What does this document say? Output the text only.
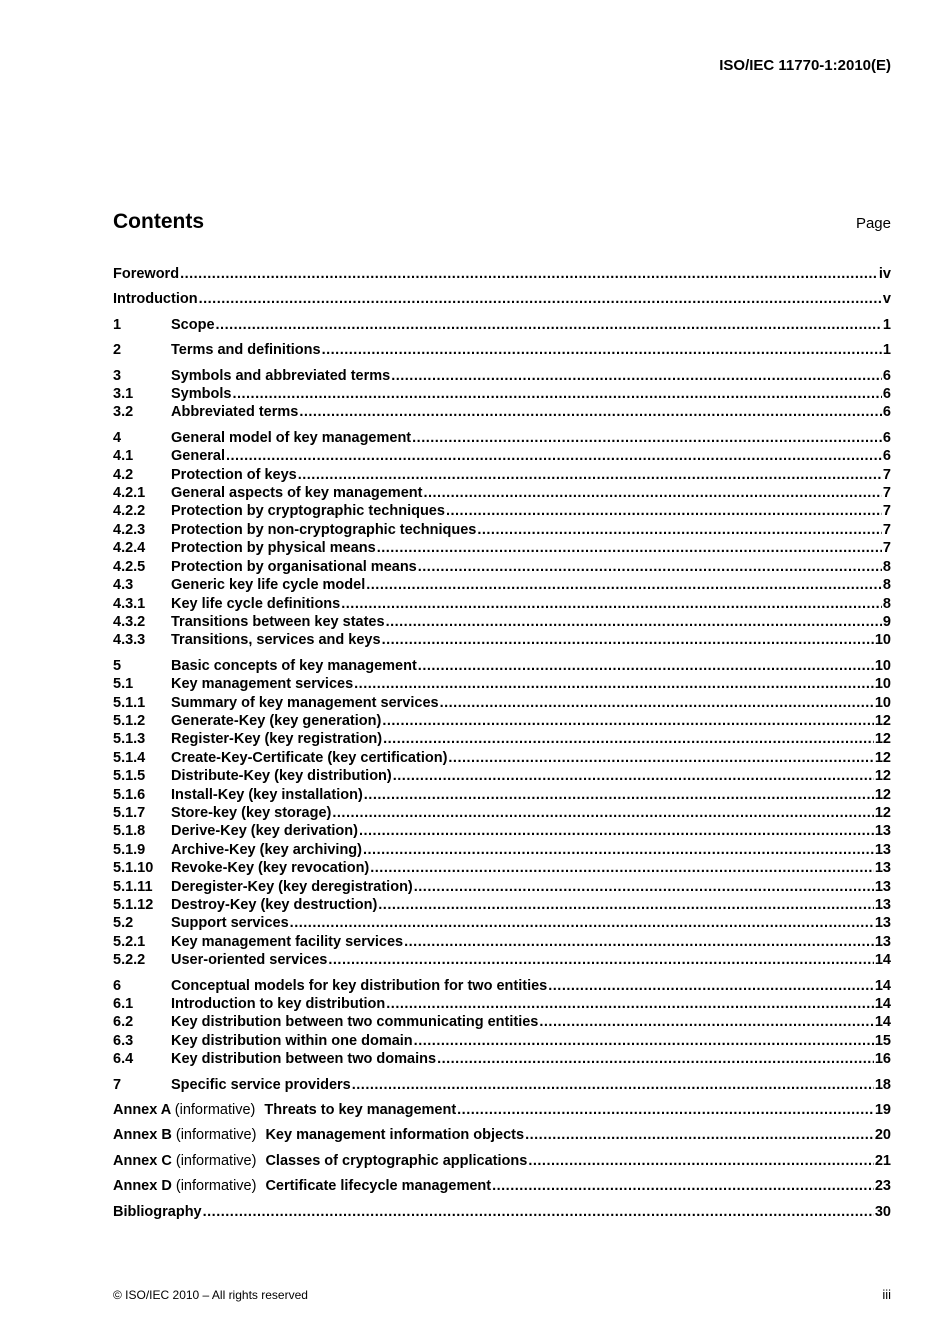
ISO/IEC 11770-1:2010(E)
Contents	Page
Foreword .....	iv
Introduction .....	v
1	Scope .....	1
2	Terms and definitions .....	1
3	Symbols and abbreviated terms .....	6
3.1	Symbols .....	6
3.2	Abbreviated terms .....	6
4	General model of key management .....	6
4.1	General .....	6
4.2	Protection of keys .....	7
4.2.1	General aspects of key management .....	7
4.2.2	Protection by cryptographic techniques .....	7
4.2.3	Protection by non-cryptographic techniques .....	7
4.2.4	Protection by physical means .....	7
4.2.5	Protection by organisational means .....	8
4.3	Generic key life cycle model .....	8
4.3.1	Key life cycle definitions .....	8
4.3.2	Transitions between key states .....	9
4.3.3	Transitions, services and keys .....	10
5	Basic concepts of key management .....	10
5.1	Key management services .....	10
5.1.1	Summary of key management services .....	10
5.1.2	Generate-Key (key generation) .....	12
5.1.3	Register-Key (key registration) .....	12
5.1.4	Create-Key-Certificate (key certification) .....	12
5.1.5	Distribute-Key (key distribution) .....	12
5.1.6	Install-Key (key installation) .....	12
5.1.7	Store-key (key storage) .....	12
5.1.8	Derive-Key (key derivation) .....	13
5.1.9	Archive-Key (key archiving) .....	13
5.1.10	Revoke-Key (key revocation) .....	13
5.1.11	Deregister-Key (key deregistration) .....	13
5.1.12	Destroy-Key (key destruction) .....	13
5.2	Support services .....	13
5.2.1	Key management facility services .....	13
5.2.2	User-oriented services .....	14
6	Conceptual models for key distribution for two entities .....	14
6.1	Introduction to key distribution .....	14
6.2	Key distribution between two communicating entities .....	14
6.3	Key distribution within one domain .....	15
6.4	Key distribution between two domains .....	16
7	Specific service providers .....	18
Annex A (informative) Threats to key management .....	19
Annex B (informative) Key management information objects .....	20
Annex C (informative) Classes of cryptographic applications .....	21
Annex D (informative) Certificate lifecycle management .....	23
Bibliography .....	30
© ISO/IEC 2010 – All rights reserved	iii
